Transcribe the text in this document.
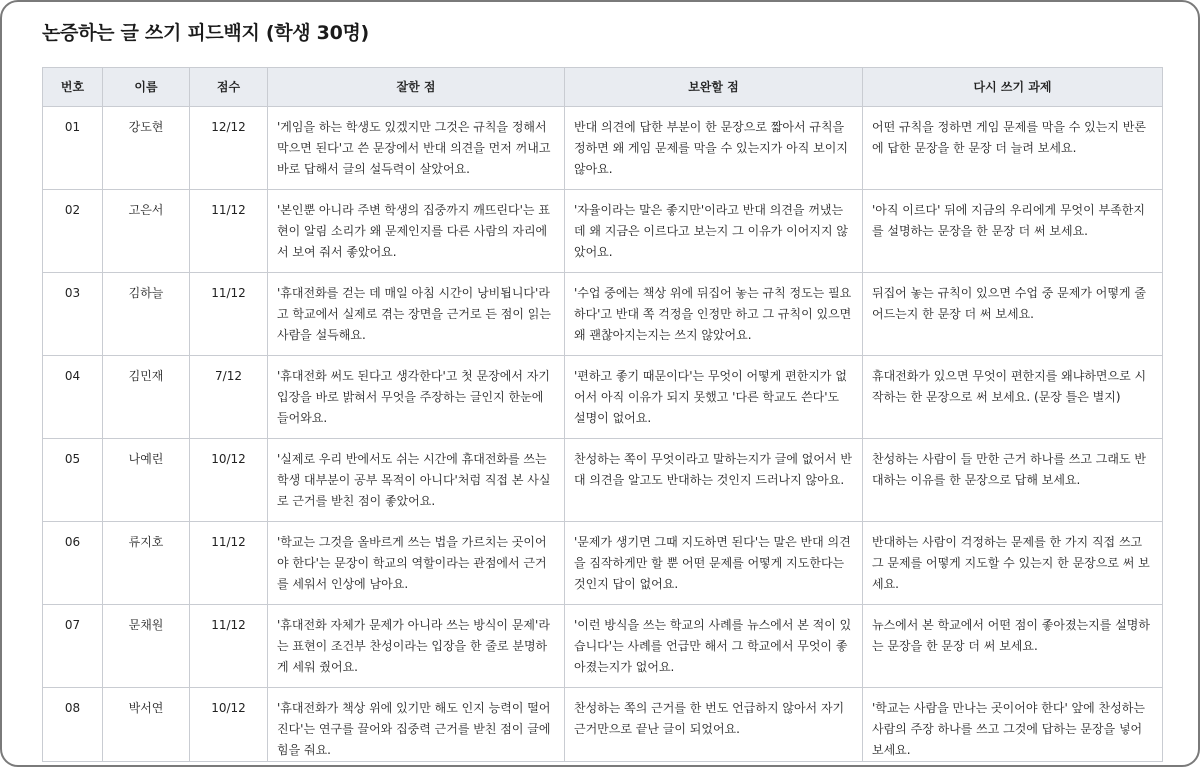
논증하는 글 쓰기 피드백지 (학생 30명)
번호	이름	점수	잘한 점	보완할 점	다시 쓰기 과제
01	강도현	12/12	'게임을 하는 학생도 있겠지만 그것은 규칙을 정해서 막으면 된다'고 쓴 문장에서 반대 의견을 먼저 꺼내고 바로 답해서 글의 설득력이 살았어요.	반대 의견에 답한 부분이 한 문장으로 짧아서 규칙을 정하면 왜 게임 문제를 막을 수 있는지가 아직 보이지 않아요.	어떤 규칙을 정하면 게임 문제를 막을 수 있는지 반론에 답한 문장을 한 문장 더 늘려 보세요.
02	고은서	11/12	'본인뿐 아니라 주변 학생의 집중까지 깨뜨린다'는 표현이 알림 소리가 왜 문제인지를 다른 사람의 자리에서 보여 줘서 좋았어요.	'자율이라는 말은 좋지만'이라고 반대 의견을 꺼냈는데 왜 지금은 이르다고 보는지 그 이유가 이어지지 않았어요.	'아직 이르다' 뒤에 지금의 우리에게 무엇이 부족한지를 설명하는 문장을 한 문장 더 써 보세요.
03	김하늘	11/12	'휴대전화를 걷는 데 매일 아침 시간이 낭비됩니다'라고 학교에서 실제로 겪는 장면을 근거로 든 점이 읽는 사람을 설득해요.	'수업 중에는 책상 위에 뒤집어 놓는 규칙 정도는 필요하다'고 반대 쪽 걱정을 인정만 하고 그 규칙이 있으면 왜 괜찮아지는지는 쓰지 않았어요.	뒤집어 놓는 규칙이 있으면 수업 중 문제가 어떻게 줄어드는지 한 문장 더 써 보세요.
04	김민재	7/12	'휴대전화 써도 된다고 생각한다'고 첫 문장에서 자기 입장을 바로 밝혀서 무엇을 주장하는 글인지 한눈에 들어와요.	'편하고 좋기 때문이다'는 무엇이 어떻게 편한지가 없어서 아직 이유가 되지 못했고 '다른 학교도 쓴다'도 설명이 없어요.	휴대전화가 있으면 무엇이 편한지를 왜냐하면으로 시작하는 한 문장으로 써 보세요. (문장 틀은 별지)
05	나예린	10/12	'실제로 우리 반에서도 쉬는 시간에 휴대전화를 쓰는 학생 대부분이 공부 목적이 아니다'처럼 직접 본 사실로 근거를 받친 점이 좋았어요.	찬성하는 쪽이 무엇이라고 말하는지가 글에 없어서 반대 의견을 알고도 반대하는 것인지 드러나지 않아요.	찬성하는 사람이 들 만한 근거 하나를 쓰고 그래도 반대하는 이유를 한 문장으로 답해 보세요.
06	류지호	11/12	'학교는 그것을 올바르게 쓰는 법을 가르치는 곳이어야 한다'는 문장이 학교의 역할이라는 관점에서 근거를 세워서 인상에 남아요.	'문제가 생기면 그때 지도하면 된다'는 말은 반대 의견을 짐작하게만 할 뿐 어떤 문제를 어떻게 지도한다는 것인지 답이 없어요.	반대하는 사람이 걱정하는 문제를 한 가지 직접 쓰고 그 문제를 어떻게 지도할 수 있는지 한 문장으로 써 보세요.
07	문채원	11/12	'휴대전화 자체가 문제가 아니라 쓰는 방식이 문제'라는 표현이 조건부 찬성이라는 입장을 한 줄로 분명하게 세워 줬어요.	'이런 방식을 쓰는 학교의 사례를 뉴스에서 본 적이 있습니다'는 사례를 언급만 해서 그 학교에서 무엇이 좋아졌는지가 없어요.	뉴스에서 본 학교에서 어떤 점이 좋아졌는지를 설명하는 문장을 한 문장 더 써 보세요.
08	박서연	10/12	'휴대전화가 책상 위에 있기만 해도 인지 능력이 떨어진다'는 연구를 끌어와 집중력 근거를 받친 점이 글에 힘을 줘요.	찬성하는 쪽의 근거를 한 번도 언급하지 않아서 자기 근거만으로 끝난 글이 되었어요.	'학교는 사람을 만나는 곳이어야 한다' 앞에 찬성하는 사람의 주장 하나를 쓰고 그것에 답하는 문장을 넣어 보세요.
